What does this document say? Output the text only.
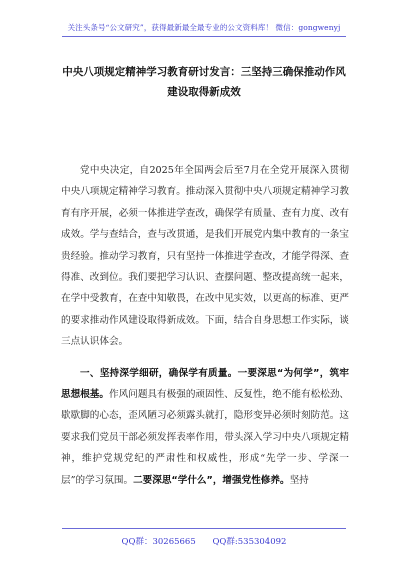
关注头条号“公文研究”，获得最新最全最专业的公文资料库！ 微信：gongwenyj
中央八项规定精神学习教育研讨发言：三坚持三确保推动作风建设取得新成效

党中央决定，自2025年全国两会后至7月在全党开展深入贯彻中央八项规定精神学习教育。推动深入贯彻中央八项规定精神学习教育有序开展，必须一体推进学查改，确保学有质量、查有力度、改有成效。学与查结合，查与改贯通，是我们开展党内集中教育的一条宝贵经验。推动学习教育，只有坚持一体推进学查改，才能学得深、查得准、改到位。我们要把学习认识、查摆问题、整改提高统一起来，在学中受教育，在查中知敬畏，在改中见实效，以更高的标准、更严的要求推动作风建设取得新成效。下面，结合自身思想工作实际，谈三点认识体会。

一、坚持深学细研，确保学有质量。一要深思“为何学”，筑牢思想根基。作风问题具有极强的顽固性、反复性，绝不能有松松劲、歇歇脚的心态，歪风陋习必须露头就打，隐形变异必须时刻防范。这要求我们党员干部必须发挥表率作用，带头深入学习中央八项规定精神，维护党规党纪的严肃性和权威性，形成“先学一步、学深一层”的学习氛围。二要深思“学什么”，增强党性修养。坚持

QQ群：30265665 QQ群:535304092
